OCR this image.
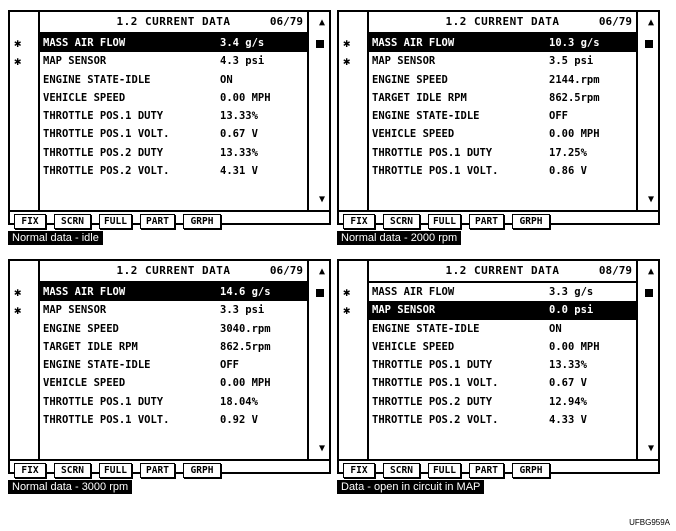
1.2 CURRENT DATA	06/79 ▲
▼
✱ MASS AIR FLOW	3.4 g/s
✱ MAP SENSOR	4.3 psi
ENGINE STATE-IDLE	ON
VEHICLE SPEED	0.00 MPH
THROTTLE POS.1 DUTY	13.33%
THROTTLE POS.1 VOLT.	0.67 V
THROTTLE POS.2 DUTY	13.33%
THROTTLE POS.2 VOLT.	4.31 V
FIX	SCRN	FULL	PART	GRPH
Normal data - idle
1.2 CURRENT DATA	06/79 ▲
▼
✱ MASS AIR FLOW	10.3 g/s
✱ MAP SENSOR	3.5 psi
ENGINE SPEED	2144.rpm
TARGET IDLE RPM	862.5rpm
ENGINE STATE-IDLE	OFF
VEHICLE SPEED	0.00 MPH
THROTTLE POS.1 DUTY	17.25%
THROTTLE POS.1 VOLT.	0.86 V
FIX	SCRN	FULL	PART	GRPH
Normal data - 2000 rpm
1.2 CURRENT DATA	06/79 ▲
▼
✱ MASS AIR FLOW	14.6 g/s
✱ MAP SENSOR	3.3 psi
ENGINE SPEED	3040.rpm
TARGET IDLE RPM	862.5rpm
ENGINE STATE-IDLE	OFF
VEHICLE SPEED	0.00 MPH
THROTTLE POS.1 DUTY	18.04%
THROTTLE POS.1 VOLT.	0.92 V
FIX	SCRN	FULL	PART	GRPH
Normal data - 3000 rpm
1.2 CURRENT DATA	08/79 ▲
▼
✱ MASS AIR FLOW	3.3 g/s
✱ MAP SENSOR	0.0 psi
ENGINE STATE-IDLE	ON
VEHICLE SPEED	0.00 MPH
THROTTLE POS.1 DUTY	13.33%
THROTTLE POS.1 VOLT.	0.67 V
THROTTLE POS.2 DUTY	12.94%
THROTTLE POS.2 VOLT.	4.33 V
FIX	SCRN	FULL	PART	GRPH
Data - open in circuit in MAP
UFBG959A
